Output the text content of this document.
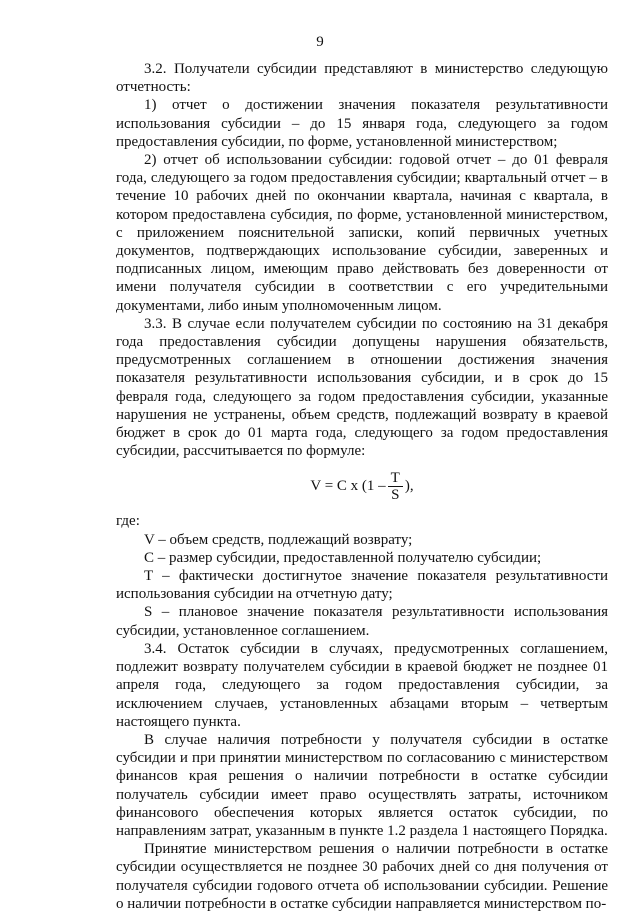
9

3.2. Получатели субсидии представляют в министерство следующую отчетность:

1) отчет о достижении значения показателя результативности использования субсидии – до 15 января года, следующего за годом предоставления субсидии, по форме, установленной министерством;

2) отчет об использовании субсидии: годовой отчет – до 01 февраля года, следующего за годом предоставления субсидии; квартальный отчет – в течение 10 рабочих дней по окончании квартала, начиная с квартала, в котором предоставлена субсидия, по форме, установленной министерством, с приложением пояснительной записки, копий первичных учетных документов, подтверждающих использование субсидии, заверенных и подписанных лицом, имеющим право действовать без доверенности от имени получателя субсидии в соответствии с его учредительными документами, либо иным уполномоченным лицом.

3.3. В случае если получателем субсидии по состоянию на 31 декабря года предоставления субсидии допущены нарушения обязательств, предусмотренных соглашением в отношении достижения значения показателя результативности использования субсидии, и в срок до 15 февраля года, следующего за годом предоставления субсидии, указанные нарушения не устранены, объем средств, подлежащий возврату в краевой бюджет в срок до 01 марта года, следующего за годом предоставления субсидии, рассчитывается по формуле:

V = C x ($1 - \frac{T}{S}$ ),

где:

V – объем средств, подлежащий возврату;

C – размер субсидии, предоставленной получателю субсидии;

T – фактически достигнутое значение показателя результативности использования субсидии на отчетную дату;

S – плановое значение показателя результативности использования субсидии, установленное соглашением.

3.4. Остаток субсидии в случаях, предусмотренных соглашением, подлежит возврату получателем субсидии в краевой бюджет не позднее 01 апреля года, следующего за годом предоставления субсидии, за исключением случаев, установленных абзацами вторым – четвертым настоящего пункта.

В случае наличия потребности у получателя субсидии в остатке субсидии и при принятии министерством по согласованию с министерством финансов края решения о наличии потребности в остатке субсидии получатель субсидии имеет право осуществлять затраты, источником финансового обеспечения которых является остаток субсидии, по направлениям затрат, указанным в пункте 1.2 раздела 1 настоящего Порядка.

Принятие министерством решения о наличии потребности в остатке субсидии осуществляется не позднее 30 рабочих дней со дня получения от получателя субсидии годового отчета об использовании субсидии. Решение о наличии потребности в остатке субсидии направляется министерством по-
